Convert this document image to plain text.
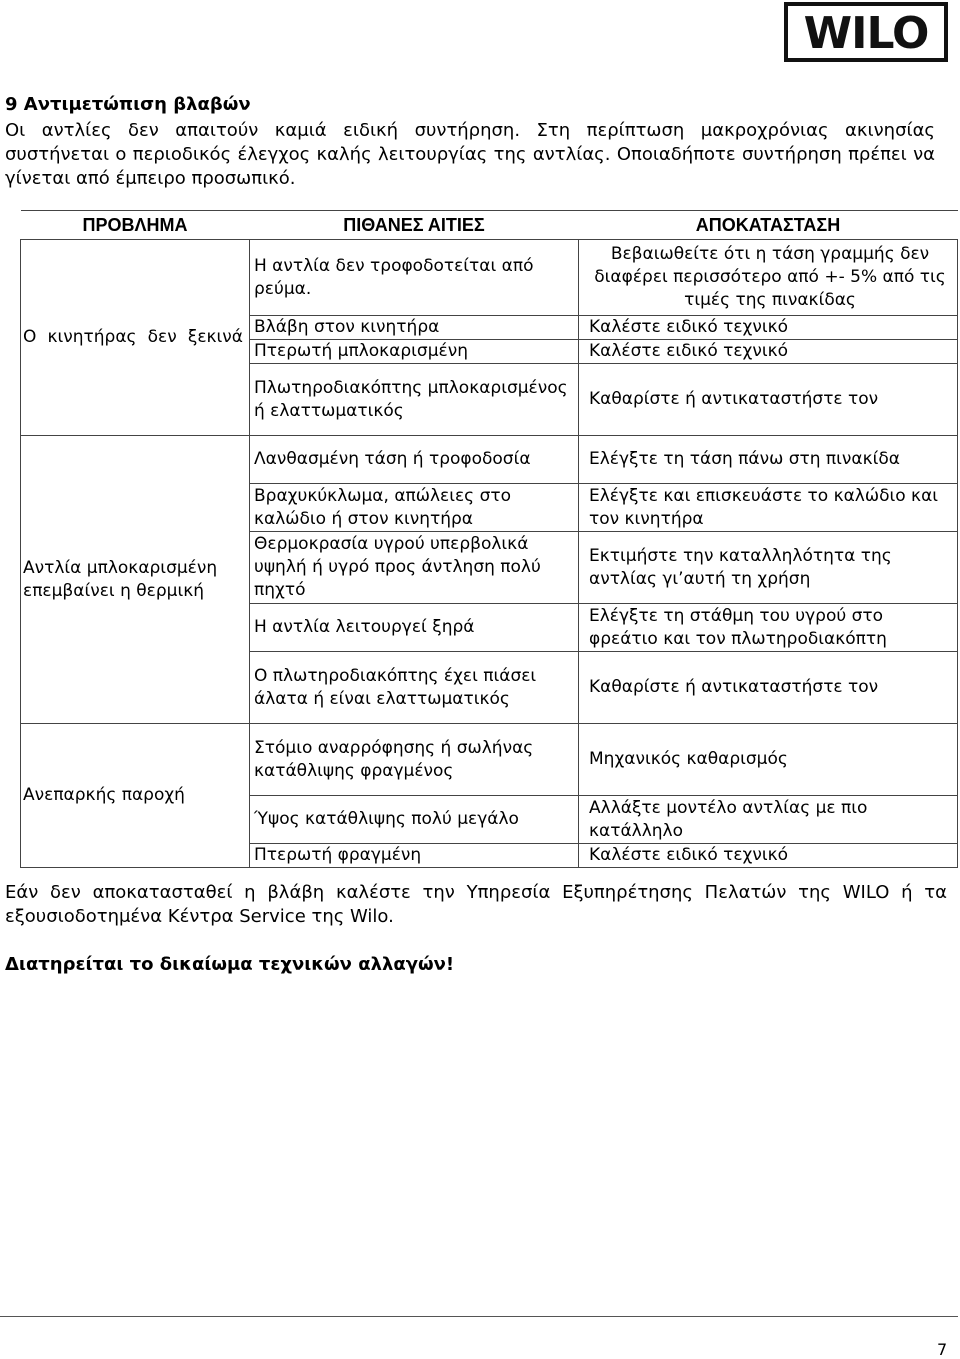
WILO
9 Αντιμετώπιση βλαβών
Οι αντλίες δεν απαιτούν καμιά ειδική συντήρηση. Στη περίπτωση μακροχρόνιας ακινησίας συστήνεται ο περιοδικός έλεγχος καλής λειτουργίας της αντλίας. Οποιαδήποτε συντήρηση πρέπει να γίνεται από έμπειρο προσωπικό.
ΠΡΟΒΛΗΜΑ	ΠΙΘΑΝΕΣ ΑΙΤΙΕΣ	ΑΠΟΚΑΤΑΣΤΑΣΗ

Ο κινητήρας δεν ξεκινά	Η αντλία δεν τροφοδοτείται από ρεύμα.	Βεβαιωθείτε ότι η τάση γραμμής δεν διαφέρει περισσότερο από +- 5% από τις τιμές της πινακίδας
	Βλάβη στον κινητήρα	Καλέστε ειδικό τεχνικό
	Πτερωτή μπλοκαρισμένη	Καλέστε ειδικό τεχνικό
	Πλωτηροδιακόπτης μπλοκαρισμένος ή ελαττωματικός	Καθαρίστε ή αντικαταστήστε τον
Αντλία μπλοκαρισμένη επεμβαίνει η θερμική	Λανθασμένη τάση ή τροφοδοσία	Ελέγξτε τη τάση πάνω στη πινακίδα
	Βραχυκύκλωμα, απώλειες στο καλώδιο ή στον κινητήρα	Ελέγξτε και επισκευάστε το καλώδιο και τον κινητήρα
	Θερμοκρασία υγρού υπερβολικά υψηλή ή υγρό προς άντληση πολύ πηχτό	Εκτιμήστε την καταλληλότητα της αντλίας γι’αυτή τη χρήση
	Η αντλία λειτουργεί ξηρά	Ελέγξτε τη στάθμη του υγρού στο φρεάτιο και τον πλωτηροδιακόπτη
	Ο πλωτηροδιακόπτης έχει πιάσει άλατα ή είναι ελαττωματικός	Καθαρίστε ή αντικαταστήστε τον
Ανεπαρκής παροχή	Στόμιο αναρρόφησης ή σωλήνας κατάθλιψης φραγμένος	Μηχανικός καθαρισμός
	Ύψος κατάθλιψης πολύ μεγάλο	Αλλάξτε μοντέλο αντλίας με πιο κατάλληλο
	Πτερωτή φραγμένη	Καλέστε ειδικό τεχνικό
Εάν δεν αποκατασταθεί η βλάβη καλέστε την Υπηρεσία Εξυπηρέτησης Πελατών της WILO ή τα εξουσιοδοτημένα Κέντρα Service της Wilo.
Διατηρείται το δικαίωμα τεχνικών αλλαγών!
7
